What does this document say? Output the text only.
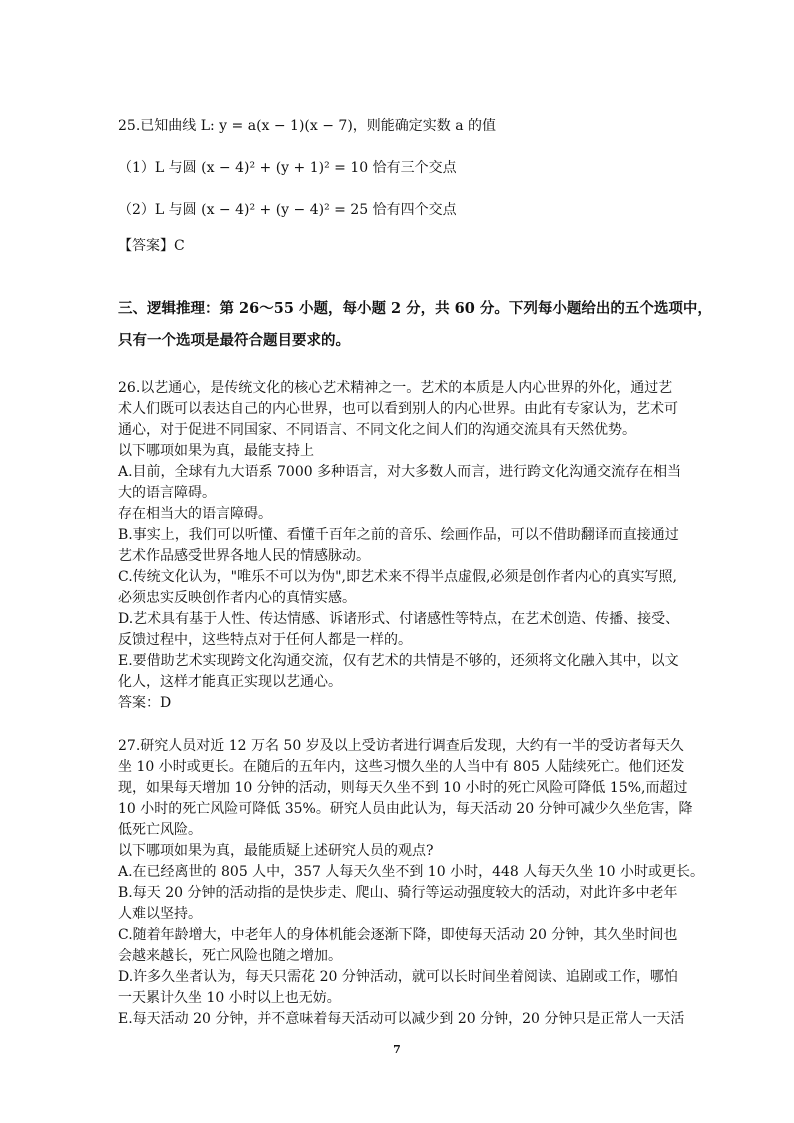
25.已知曲线 L: y = a(x − 1)(x − 7)，则能确定实数 a 的值
（1）L 与圆 (x − 4)² + (y + 1)² = 10 恰有三个交点
（2）L 与圆 (x − 4)² + (y − 4)² = 25 恰有四个交点
【答案】C
三、逻辑推理：第 26～55 小题，每小题 2 分，共 60 分。下列每小题给出的五个选项中，
只有一个选项是最符合题目要求的。
26.以艺通心，是传统文化的核心艺术精神之一。艺术的本质是人内心世界的外化，通过艺
术人们既可以表达自己的内心世界，也可以看到别人的内心世界。由此有专家认为，艺术可
通心，对于促进不同国家、不同语言、不同文化之间人们的沟通交流具有天然优势。
以下哪项如果为真，最能支持上
A.目前，全球有九大语系 7000 多种语言，对大多数人而言，进行跨文化沟通交流存在相当
大的语言障碍。
存在相当大的语言障碍。
B.事实上，我们可以听懂、看懂千百年之前的音乐、绘画作品，可以不借助翻译而直接通过
艺术作品感受世界各地人民的情感脉动。
C.传统文化认为，"唯乐不可以为伪",即艺术来不得半点虚假,必须是创作者内心的真实写照,
必须忠实反映创作者内心的真情实感。
D.艺术具有基于人性、传达情感、诉诸形式、付诸感性等特点，在艺术创造、传播、接受、
反馈过程中，这些特点对于任何人都是一样的。
E.要借助艺术实现跨文化沟通交流，仅有艺术的共情是不够的，还须将文化融入其中，以文
化人，这样才能真正实现以艺通心。
答案：D
27.研究人员对近 12 万名 50 岁及以上受访者进行调查后发现，大约有一半的受访者每天久
坐 10 小时或更长。在随后的五年内，这些习惯久坐的人当中有 805 人陆续死亡。他们还发
现，如果每天增加 10 分钟的活动，则每天久坐不到 10 小时的死亡风险可降低 15%,而超过
10 小时的死亡风险可降低 35%。研究人员由此认为，每天活动 20 分钟可减少久坐危害，降
低死亡风险。
以下哪项如果为真，最能质疑上述研究人员的观点?
A.在已经离世的 805 人中，357 人每天久坐不到 10 小时，448 人每天久坐 10 小时或更长。
B.每天 20 分钟的活动指的是快步走、爬山、骑行等运动强度较大的活动，对此许多中老年
人难以坚持。
C.随着年龄增大，中老年人的身体机能会逐渐下降，即使每天活动 20 分钟，其久坐时间也
会越来越长，死亡风险也随之增加。
D.许多久坐者认为，每天只需花 20 分钟活动，就可以长时间坐着阅读、追剧或工作，哪怕
一天累计久坐 10 小时以上也无妨。
E.每天活动 20 分钟，并不意味着每天活动可以减少到 20 分钟，20 分钟只是正常人一天活
7
